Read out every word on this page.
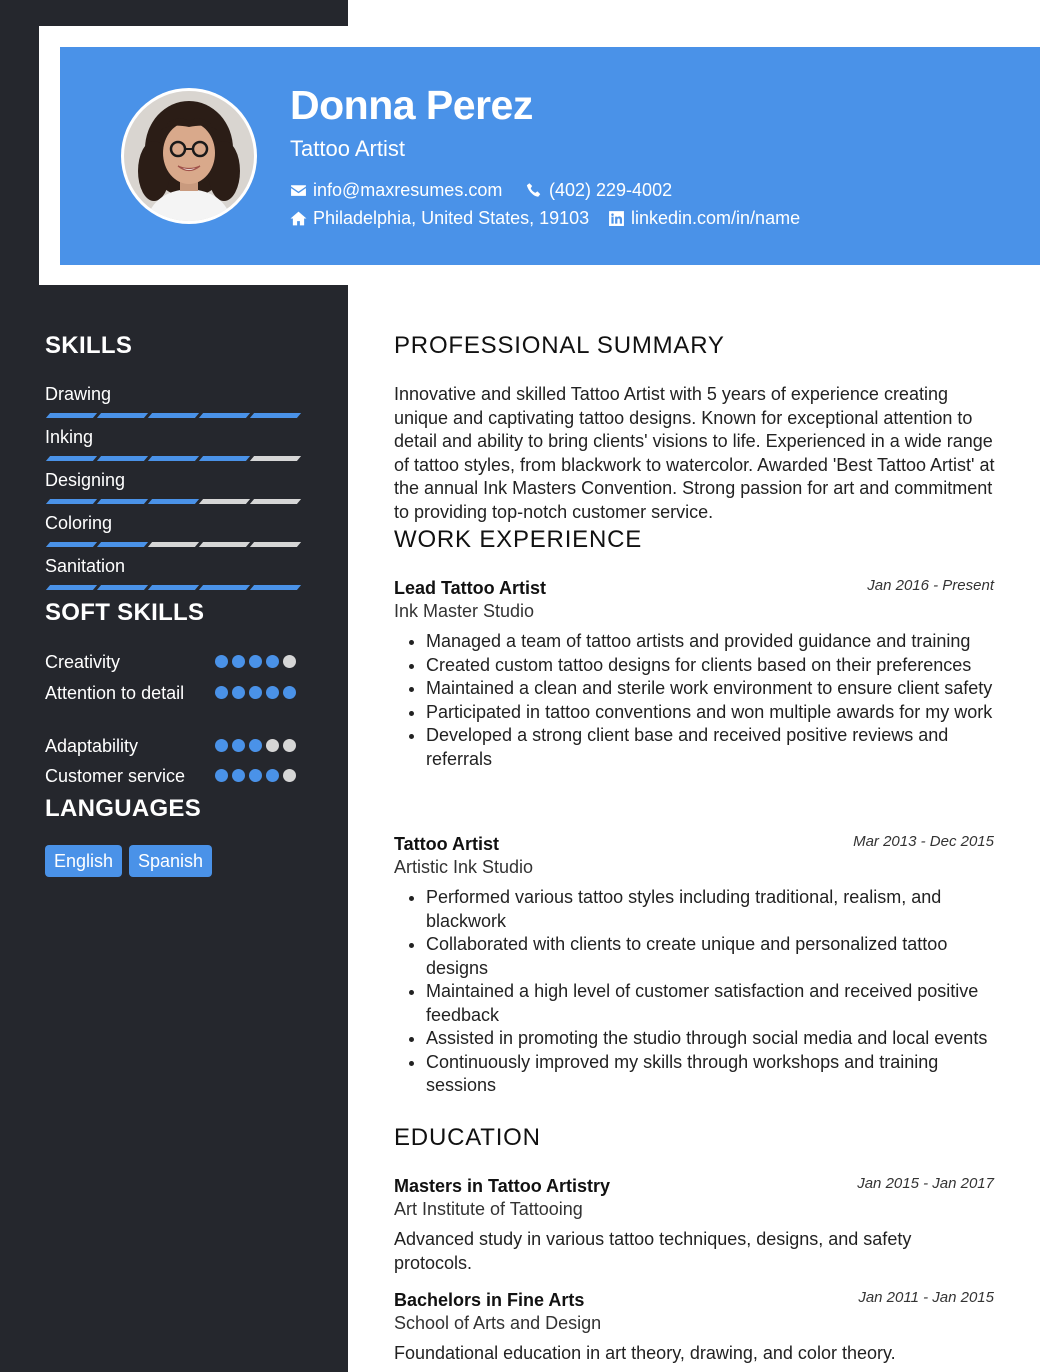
Donna Perez
Tattoo Artist
info@maxresumes.com	(402) 229-4002
Philadelphia, United States, 19103 linkedin.com/in/name
SKILLS
Drawing
Inking
Designing
Coloring
Sanitation
SOFT SKILLS
Creativity
Attention to detail
Adaptability
Customer service
LANGUAGES
English	Spanish
PROFESSIONAL SUMMARY
Innovative and skilled Tattoo Artist with 5 years of experience creating unique and captivating tattoo designs. Known for exceptional attention to detail and ability to bring clients' visions to life. Experienced in a wide range of tattoo styles, from blackwork to watercolor. Awarded 'Best Tattoo Artist' at the annual Ink Masters Convention. Strong passion for art and commitment to providing top-notch customer service.
WORK EXPERIENCE
Lead Tattoo Artist	Jan 2016 - Present
Ink Master Studio
• Managed a team of tattoo artists and provided guidance and training
• Created custom tattoo designs for clients based on their preferences
• Maintained a clean and sterile work environment to ensure client safety
• Participated in tattoo conventions and won multiple awards for my work
• Developed a strong client base and received positive reviews and referrals
Tattoo Artist	Mar 2013 - Dec 2015
Artistic Ink Studio
• Performed various tattoo styles including traditional, realism, and blackwork
• Collaborated with clients to create unique and personalized tattoo designs
• Maintained a high level of customer satisfaction and received positive feedback
• Assisted in promoting the studio through social media and local events
• Continuously improved my skills through workshops and training sessions
EDUCATION
Masters in Tattoo Artistry	Jan 2015 - Jan 2017
Art Institute of Tattooing
Advanced study in various tattoo techniques, designs, and safety protocols.
Bachelors in Fine Arts	Jan 2011 - Jan 2015
School of Arts and Design
Foundational education in art theory, drawing, and color theory.
